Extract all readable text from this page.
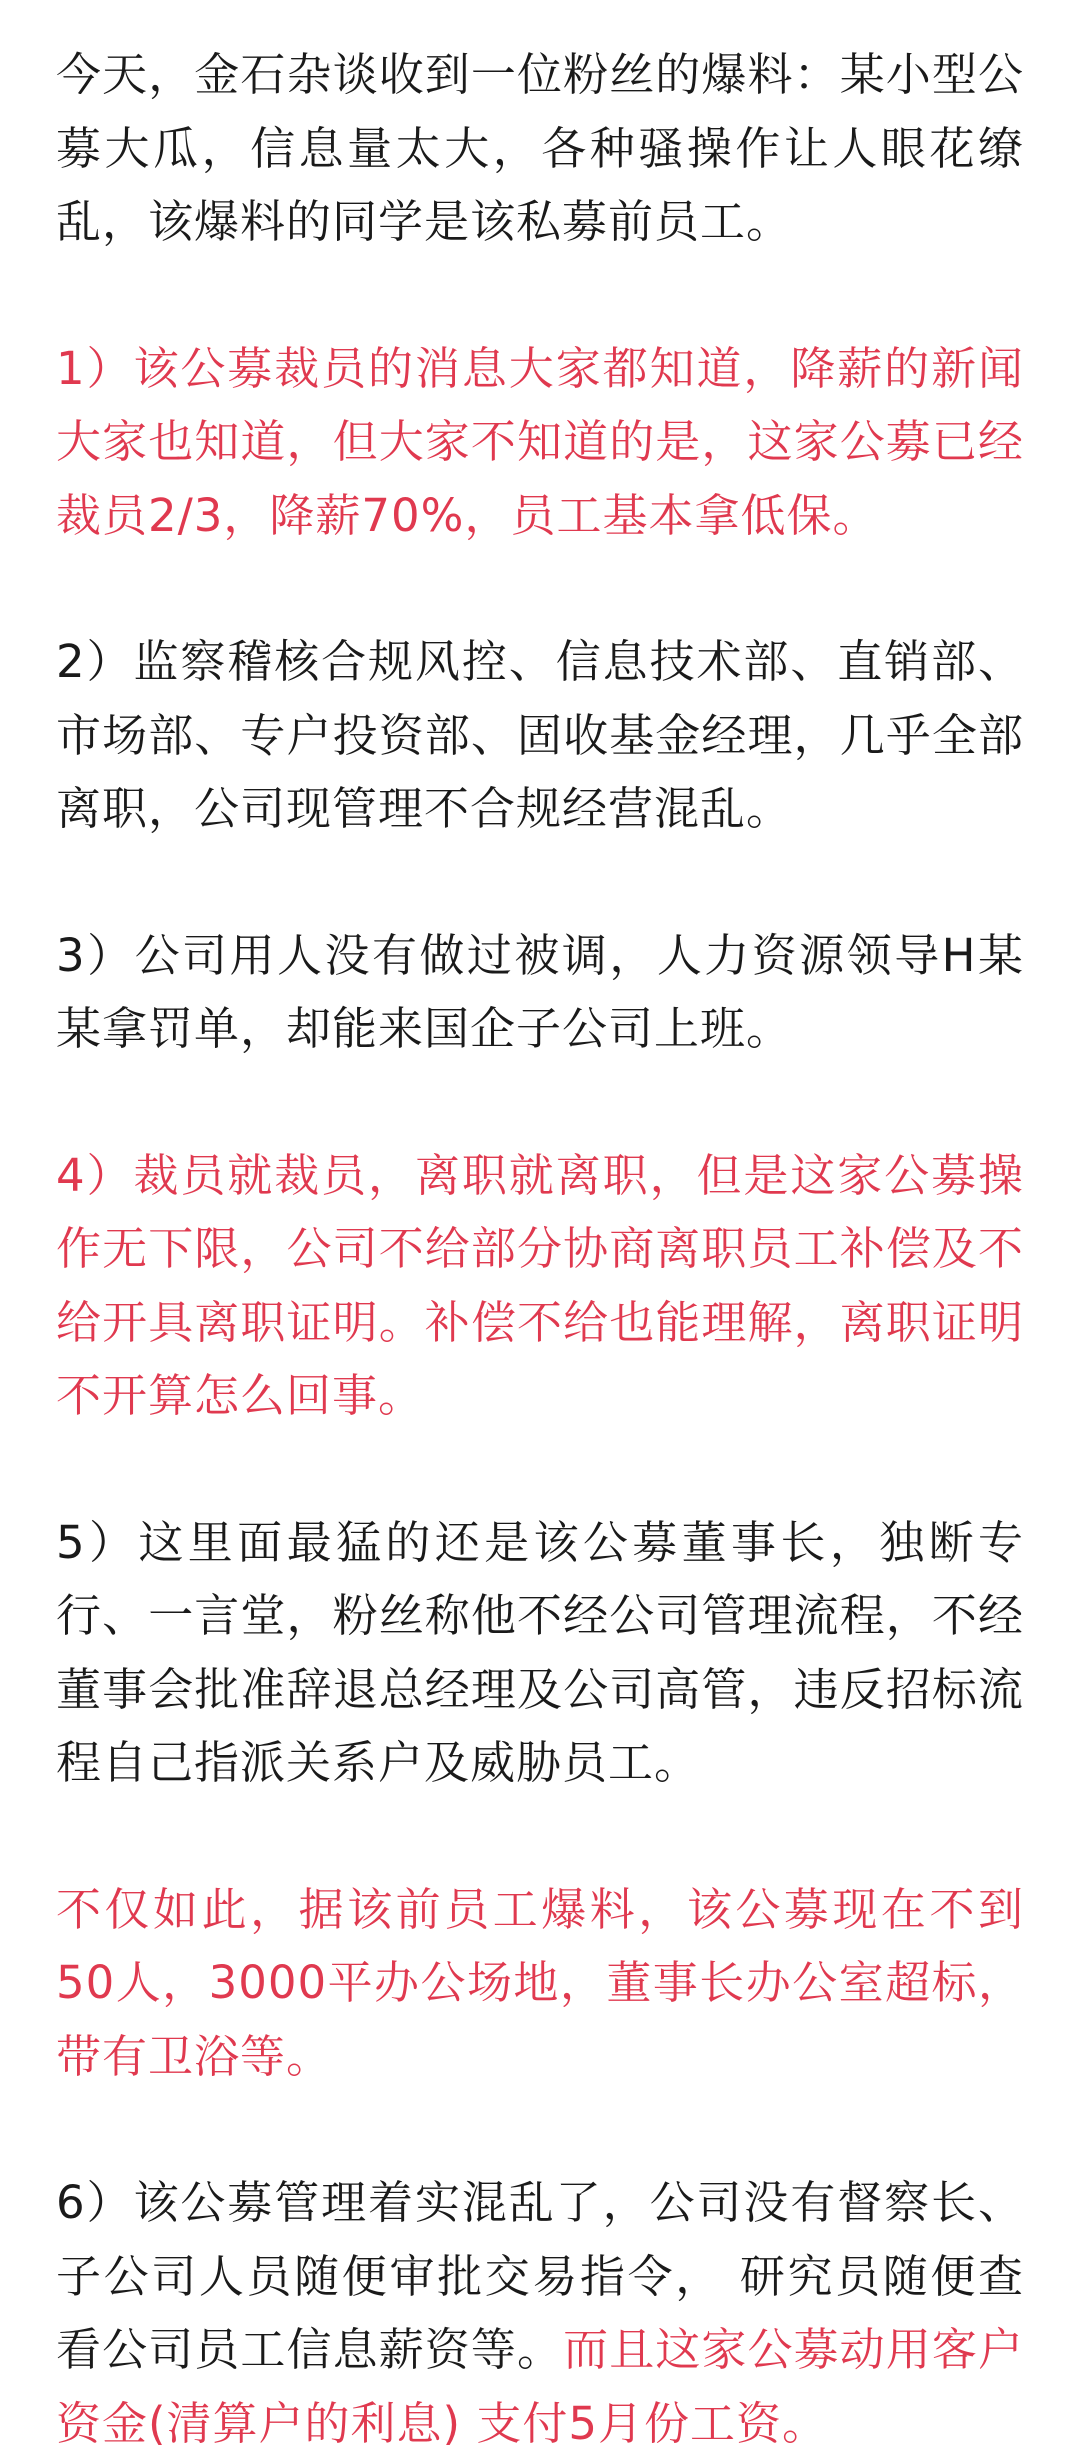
今天，金石杂谈收到一位粉丝的爆料：某小型公募大瓜，信息量太大，各种骚操作让人眼花缭乱，该爆料的同学是该私募前员工。

1）该公募裁员的消息大家都知道，降薪的新闻大家也知道，但大家不知道的是，这家公募已经裁员2/3，降薪70%，员工基本拿低保。

2）监察稽核合规风控、信息技术部、直销部、市场部、专户投资部、固收基金经理，几乎全部离职，公司现管理不合规经营混乱。

3）公司用人没有做过被调，人力资源领导H某某拿罚单，却能来国企子公司上班。

4）裁员就裁员，离职就离职，但是这家公募操作无下限，公司不给部分协商离职员工补偿及不给开具离职证明。补偿不给也能理解，离职证明不开算怎么回事。

5）这里面最猛的还是该公募董事长，独断专行、一言堂，粉丝称他不经公司管理流程，不经董事会批准辞退总经理及公司高管，违反招标流程自己指派关系户及威胁员工。

不仅如此，据该前员工爆料，该公募现在不到50人，3000平办公场地，董事长办公室超标，带有卫浴等。

6）该公募管理着实混乱了，公司没有督察长、子公司人员随便审批交易指令， 研究员随便查看公司员工信息薪资等。而且这家公募动用客户资金(清算户的利息) 支付5月份工资。
